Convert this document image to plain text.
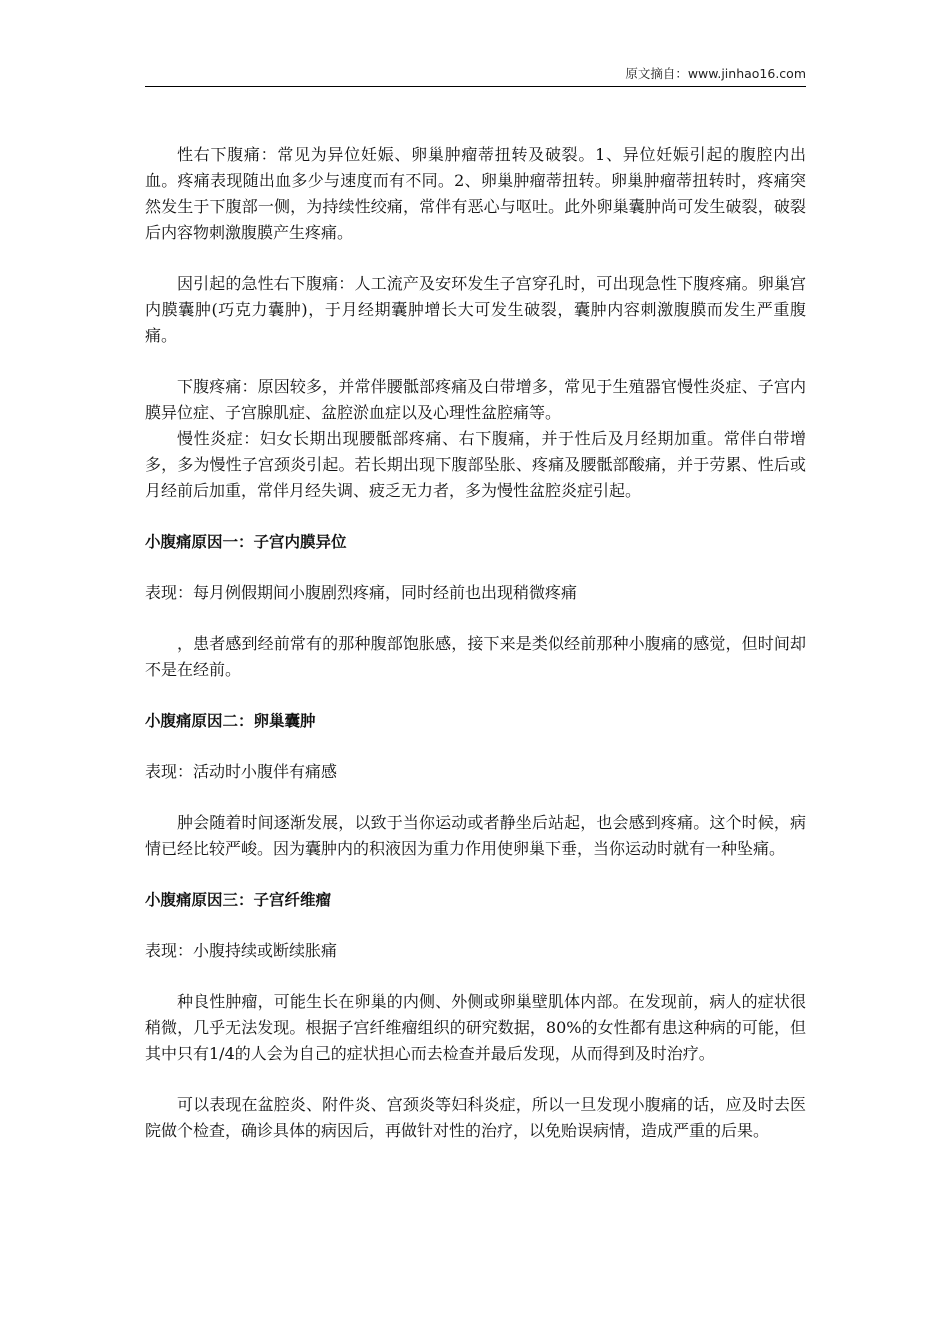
原文摘自：www.jinhao16.com

性右下腹痛：常见为异位妊娠、卵巢肿瘤蒂扭转及破裂。1、异位妊娠引起的腹腔内出血。疼痛表现随出血多少与速度而有不同。2、卵巢肿瘤蒂扭转。卵巢肿瘤蒂扭转时，疼痛突然发生于下腹部一侧，为持续性绞痛，常伴有恶心与呕吐。此外卵巢囊肿尚可发生破裂，破裂后内容物刺激腹膜产生疼痛。

因引起的急性右下腹痛：人工流产及安环发生子宫穿孔时，可出现急性下腹疼痛。卵巢宫内膜囊肿(巧克力囊肿)，于月经期囊肿增长大可发生破裂，囊肿内容刺激腹膜而发生严重腹痛。

下腹疼痛：原因较多，并常伴腰骶部疼痛及白带增多，常见于生殖器官慢性炎症、子宫内膜异位症、子宫腺肌症、盆腔淤血症以及心理性盆腔痛等。

慢性炎症：妇女长期出现腰骶部疼痛、右下腹痛，并于性后及月经期加重。常伴白带增多，多为慢性子宫颈炎引起。若长期出现下腹部坠胀、疼痛及腰骶部酸痛，并于劳累、性后或月经前后加重，常伴月经失调、疲乏无力者，多为慢性盆腔炎症引起。

小腹痛原因一：子宫内膜异位

表现：每月例假期间小腹剧烈疼痛，同时经前也出现稍微疼痛

，患者感到经前常有的那种腹部饱胀感，接下来是类似经前那种小腹痛的感觉，但时间却不是在经前。

小腹痛原因二：卵巢囊肿

表现：活动时小腹伴有痛感

肿会随着时间逐渐发展，以致于当你运动或者静坐后站起，也会感到疼痛。这个时候，病情已经比较严峻。因为囊肿内的积液因为重力作用使卵巢下垂，当你运动时就有一种坠痛。

小腹痛原因三：子宫纤维瘤

表现：小腹持续或断续胀痛

种良性肿瘤，可能生长在卵巢的内侧、外侧或卵巢壁肌体内部。在发现前，病人的症状很稍微，几乎无法发现。根据子宫纤维瘤组织的研究数据，80%的女性都有患这种病的可能，但其中只有1/4的人会为自己的症状担心而去检查并最后发现，从而得到及时治疗。

可以表现在盆腔炎、附件炎、宫颈炎等妇科炎症，所以一旦发现小腹痛的话，应及时去医院做个检查，确诊具体的病因后，再做针对性的治疗，以免贻误病情，造成严重的后果。
